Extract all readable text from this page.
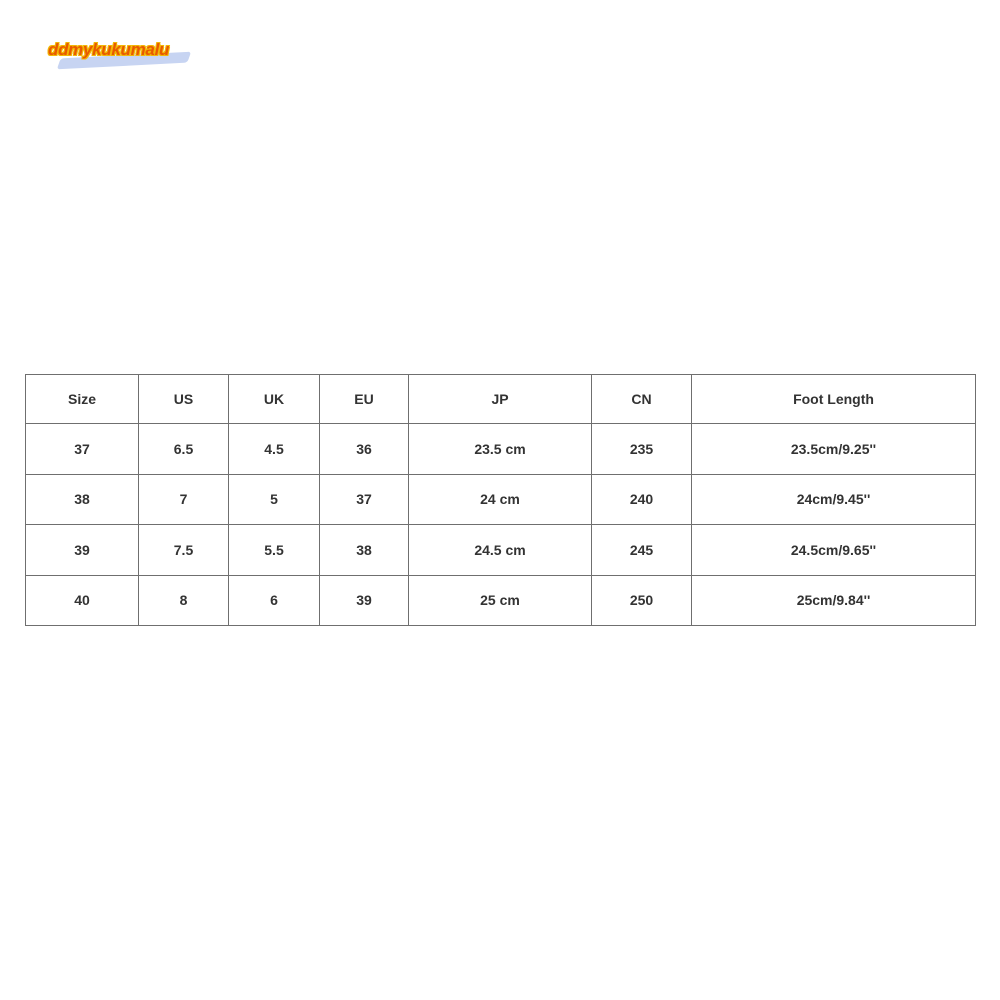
ddmykukumalu
Size	US	UK	EU	JP	CN	Foot Length
37	6.5	4.5	36	23.5 cm	235	23.5cm/9.25''
38	7	5	37	24 cm	240	24cm/9.45''
39	7.5	5.5	38	24.5 cm	245	24.5cm/9.65''
40	8	6	39	25 cm	250	25cm/9.84''
